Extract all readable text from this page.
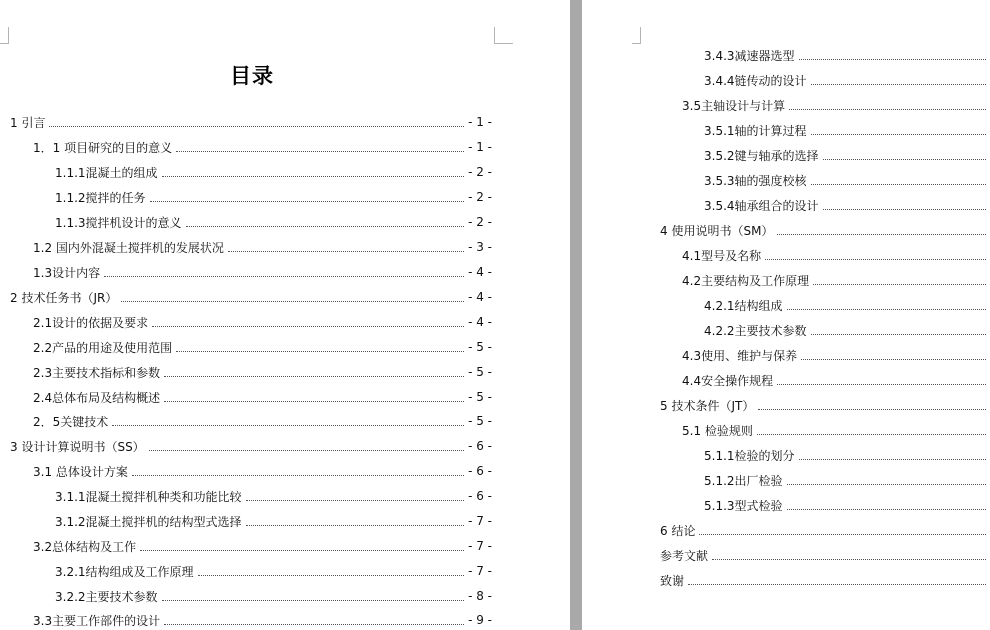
目录
1 引言	- 1 -
1．1 项目研究的目的意义	- 1 -
1.1.1混凝土的组成	- 2 -
1.1.2搅拌的任务	- 2 -
1.1.3搅拌机设计的意义	- 2 -
1.2 国内外混凝土搅拌机的发展状况	- 3 -
1.3设计内容	- 4 -
2 技术任务书（JR）	- 4 -
2.1设计的依据及要求	- 4 -
2.2产品的用途及使用范围	- 5 -
2.3主要技术指标和参数	- 5 -
2.4总体布局及结构概述	- 5 -
2．5关键技术	- 5 -
3 设计计算说明书（SS）	- 6 -
3.1 总体设计方案	- 6 -
3.1.1混凝土搅拌机种类和功能比较	- 6 -
3.1.2混凝土搅拌机的结构型式选择	- 7 -
3.2总体结构及工作	- 7 -
3.2.1结构组成及工作原理	- 7 -
3.2.2主要技术参数	- 8 -
3.3主要工作部件的设计	- 9 -
3.4.3减速器选型
3.4.4链传动的设计
3.5主轴设计与计算
3.5.1轴的计算过程
3.5.2键与轴承的选择
3.5.3轴的强度校核
3.5.4轴承组合的设计
4 使用说明书（SM）
4.1型号及名称
4.2主要结构及工作原理
4.2.1结构组成
4.2.2主要技术参数
4.3使用、维护与保养
4.4安全操作规程
5 技术条件（JT）
5.1 检验规则
5.1.1检验的划分
5.1.2出厂检验
5.1.3型式检验
6 结论
参考文献
致谢
